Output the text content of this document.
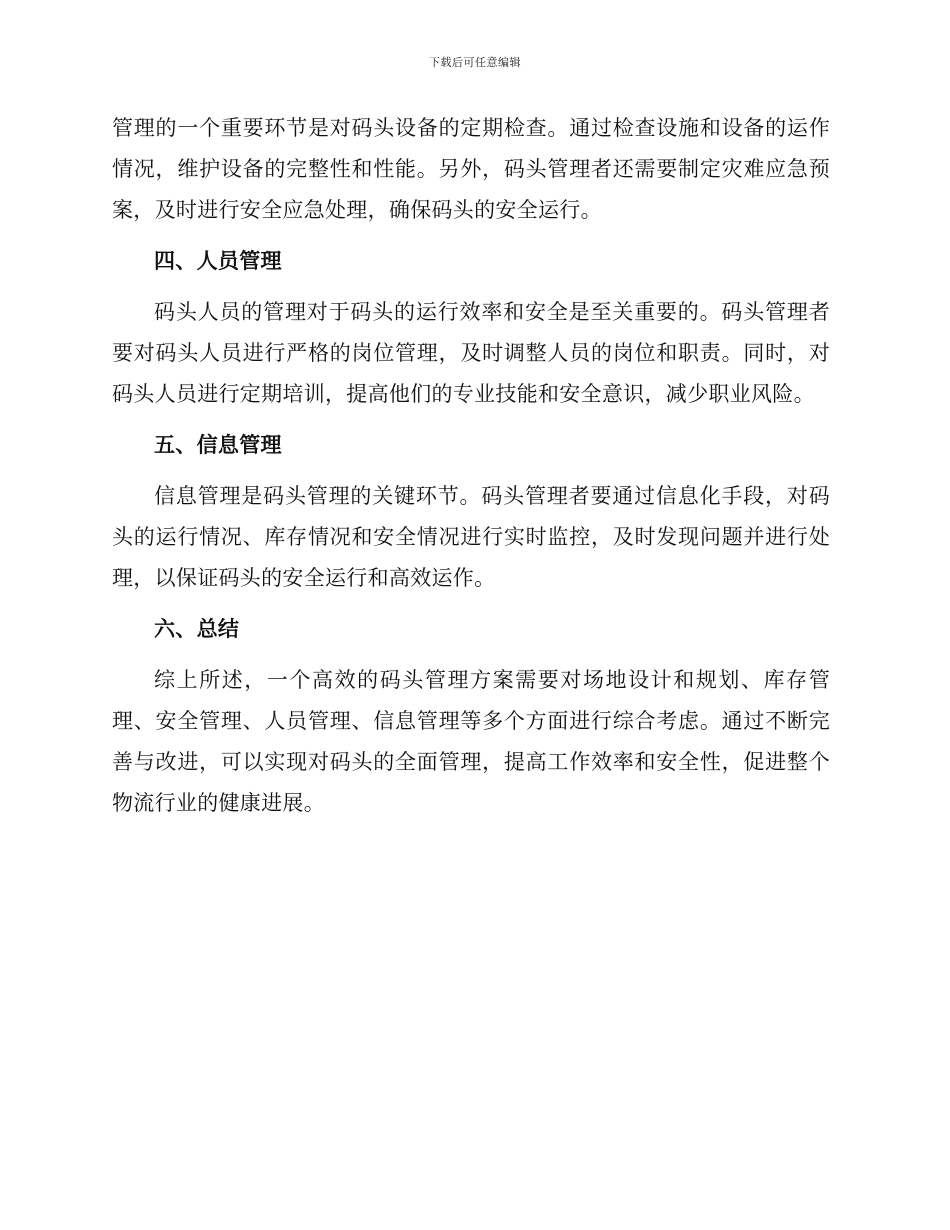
下载后可任意编辑

管理的一个重要环节是对码头设备的定期检查。通过检查设施和设备的运作情况，维护设备的完整性和性能。另外，码头管理者还需要制定灾难应急预案，及时进行安全应急处理，确保码头的安全运行。

四、人员管理

码头人员的管理对于码头的运行效率和安全是至关重要的。码头管理者要对码头人员进行严格的岗位管理，及时调整人员的岗位和职责。同时，对码头人员进行定期培训，提高他们的专业技能和安全意识，减少职业风险。

五、信息管理

信息管理是码头管理的关键环节。码头管理者要通过信息化手段，对码头的运行情况、库存情况和安全情况进行实时监控，及时发现问题并进行处理，以保证码头的安全运行和高效运作。

六、总结

综上所述，一个高效的码头管理方案需要对场地设计和规划、库存管理、安全管理、人员管理、信息管理等多个方面进行综合考虑。通过不断完善与改进，可以实现对码头的全面管理，提高工作效率和安全性，促进整个物流行业的健康进展。
